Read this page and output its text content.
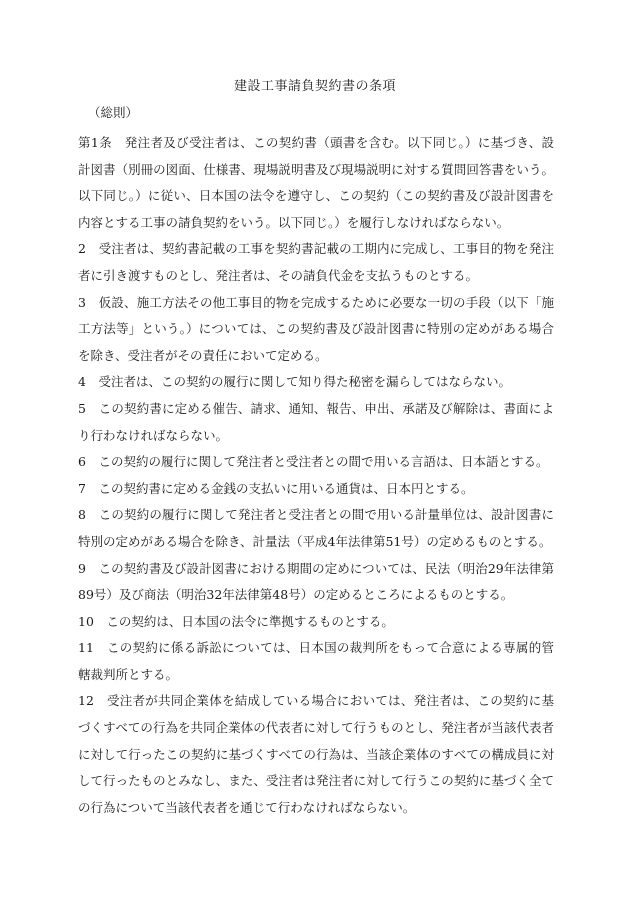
建設工事請負契約書の条項
（総則）

第1条　発注者及び受注者は、この契約書（頭書を含む。以下同じ。）に基づき、設計図書（別冊の図面、仕様書、現場説明書及び現場説明に対する質問回答書をいう。以下同じ。）に従い、日本国の法令を遵守し、この契約（この契約書及び設計図書を内容とする工事の請負契約をいう。以下同じ。）を履行しなければならない。

2　受注者は、契約書記載の工事を契約書記載の工期内に完成し、工事目的物を発注者に引き渡すものとし、発注者は、その請負代金を支払うものとする。

3　仮設、施工方法その他工事目的物を完成するために必要な一切の手段（以下「施工方法等」という。）については、この契約書及び設計図書に特別の定めがある場合を除き、受注者がその責任において定める。

4　受注者は、この契約の履行に関して知り得た秘密を漏らしてはならない。

5　この契約書に定める催告、請求、通知、報告、申出、承諾及び解除は、書面により行わなければならない。

6　この契約の履行に関して発注者と受注者との間で用いる言語は、日本語とする。

7　この契約書に定める金銭の支払いに用いる通貨は、日本円とする。

8　この契約の履行に関して発注者と受注者との間で用いる計量単位は、設計図書に特別の定めがある場合を除き、計量法（平成4年法律第51号）の定めるものとする。

9　この契約書及び設計図書における期間の定めについては、民法（明治29年法律第89号）及び商法（明治32年法律第48号）の定めるところによるものとする。

10　この契約は、日本国の法令に準拠するものとする。

11　この契約に係る訴訟については、日本国の裁判所をもって合意による専属的管轄裁判所とする。

12　受注者が共同企業体を結成している場合においては、発注者は、この契約に基づくすべての行為を共同企業体の代表者に対して行うものとし、発注者が当該代表者に対して行ったこの契約に基づくすべての行為は、当該企業体のすべての構成員に対して行ったものとみなし、また、受注者は発注者に対して行うこの契約に基づく全ての行為について当該代表者を通じて行わなければならない。
